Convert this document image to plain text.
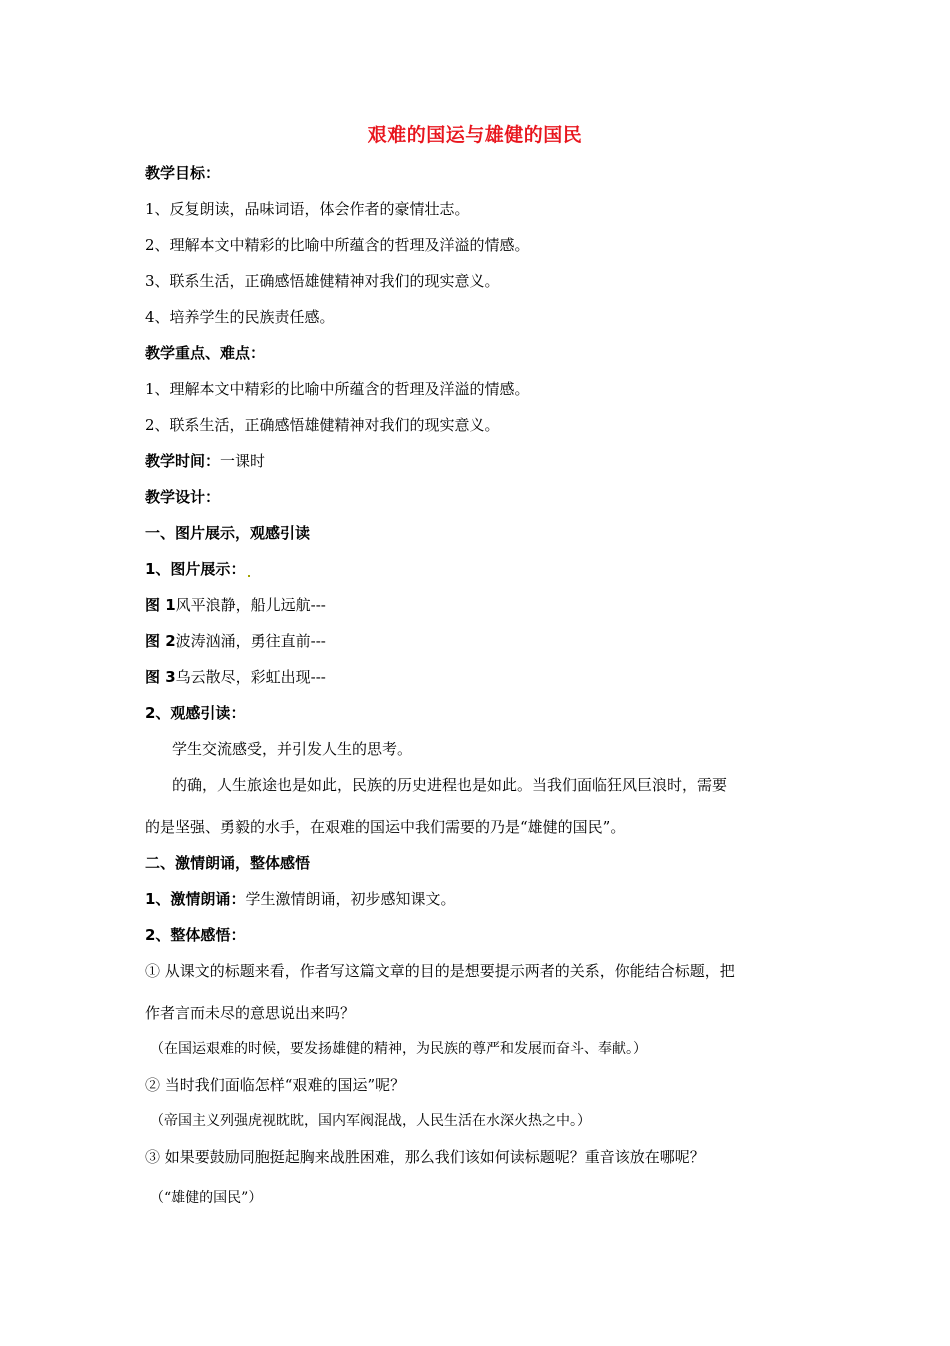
艰难的国运与雄健的国民
教学目标：
1、反复朗读，品味词语，体会作者的豪情壮志。
2、理解本文中精彩的比喻中所蕴含的哲理及洋溢的情感。
3、联系生活，正确感悟雄健精神对我们的现实意义。
4、培养学生的民族责任感。
教学重点、难点：
1、理解本文中精彩的比喻中所蕴含的哲理及洋溢的情感。
2、联系生活，正确感悟雄健精神对我们的现实意义。
教学时间：一课时
教学设计：
一、图片展示，观感引读
1、图片展示：
图 1风平浪静，船儿远航---
图 2波涛汹涌，勇往直前---
图 3乌云散尽，彩虹出现---
2、观感引读：
学生交流感受，并引发人生的思考。
的确，人生旅途也是如此，民族的历史进程也是如此。当我们面临狂风巨浪时，需要
的是坚强、勇毅的水手，在艰难的国运中我们需要的乃是“雄健的国民”。
二、激情朗诵，整体感悟
1、激情朗诵：学生激情朗诵，初步感知课文。
2、整体感悟：
① 从课文的标题来看，作者写这篇文章的目的是想要提示两者的关系，你能结合标题，把
作者言而未尽的意思说出来吗？
（在国运艰难的时候，要发扬雄健的精神，为民族的尊严和发展而奋斗、奉献。）
② 当时我们面临怎样“艰难的国运”呢？
（帝国主义列强虎视眈眈，国内军阀混战，人民生活在水深火热之中。）
③ 如果要鼓励同胞挺起胸来战胜困难，那么我们该如何读标题呢？重音该放在哪呢？
（“雄健的国民”）
